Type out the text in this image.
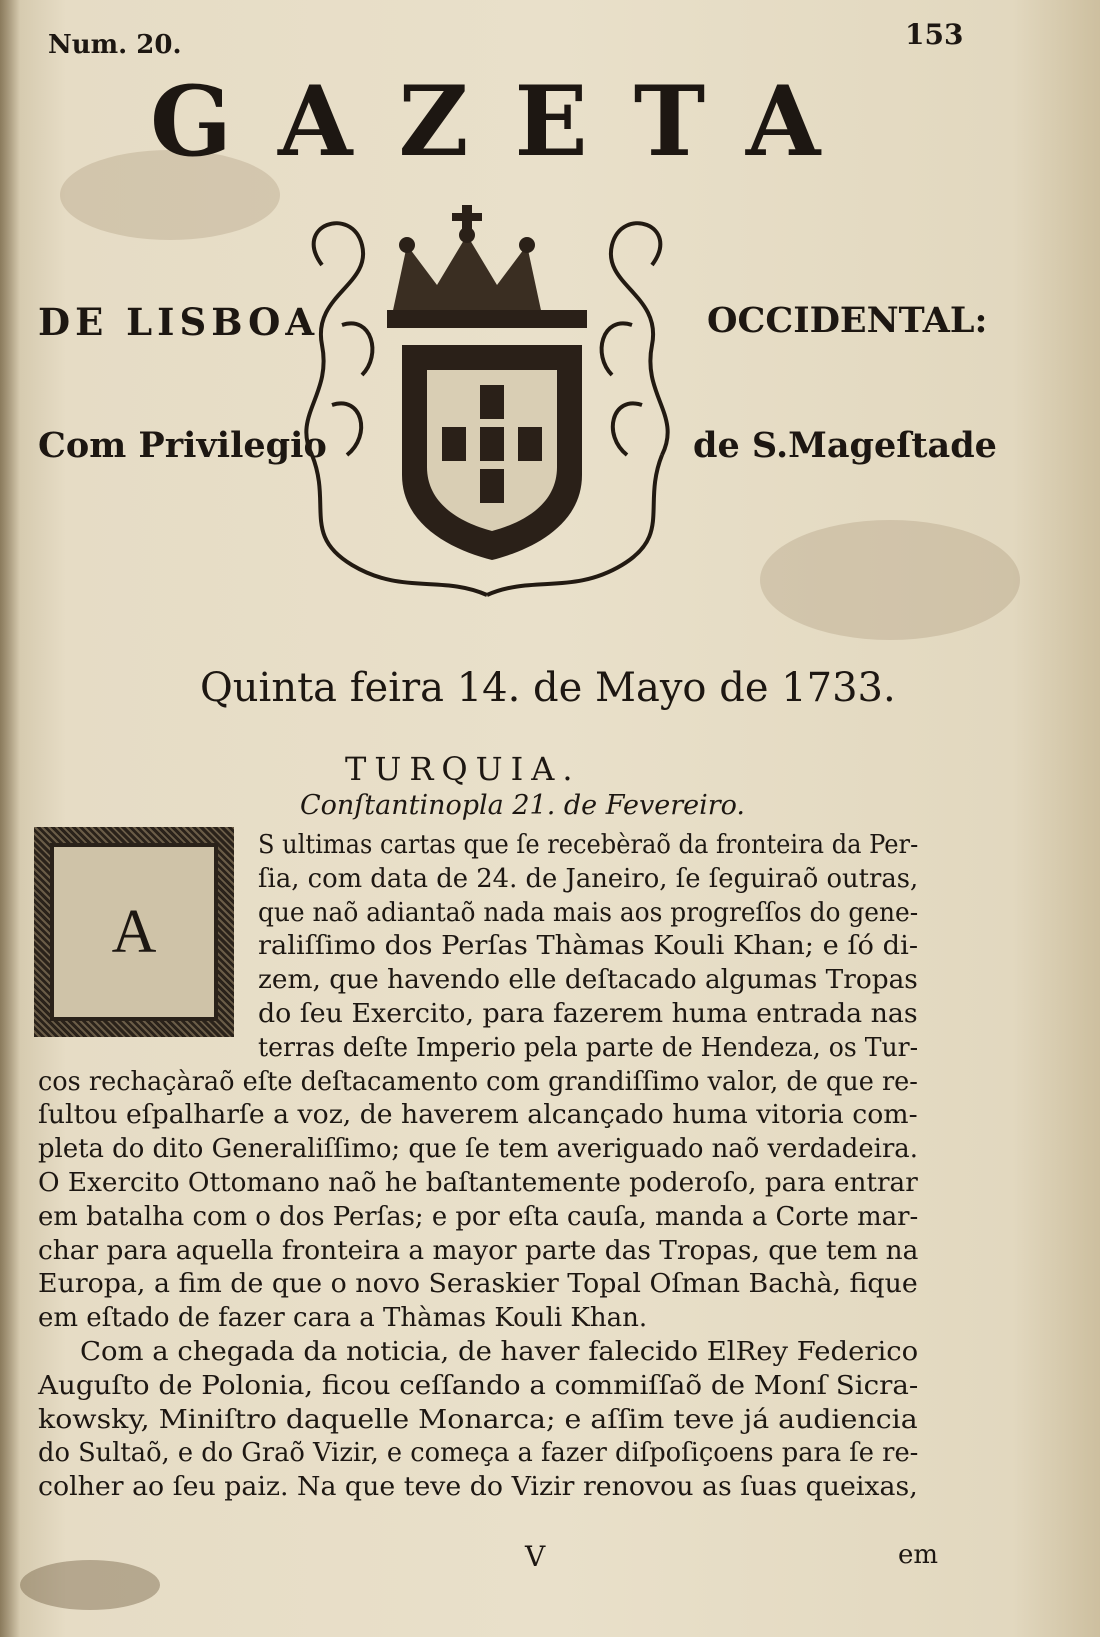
Num. 20.	153
GAZETA
DE LISBOA	OCCIDENTAL:
Com Privilegio	de S.Mageſtade
Quinta feira 14. de Mayo de 1733.
TURQUIA.
Conſtantinopla 21. de Fevereiro.
A
S ultimas cartas que ſe recebèraõ da fronteira da Per-
ſia, com data de 24. de Janeiro, ſe ſeguiraõ outras,
que naõ adiantaõ nada mais aos progreſſos do gene-
raliſſimo dos Perſas Thàmas Kouli Khan; e ſó di-
zem, que havendo elle deſtacado algumas Tropas
do ſeu Exercito, para fazerem huma entrada nas
terras deſte Imperio pela parte de Hendeza, os Tur-
cos rechaçàraõ eſte deſtacamento com grandiſſimo valor, de que re-
ſultou eſpalharſe a voz, de haverem alcançado huma vitoria com-
pleta do dito Generaliſſimo; que ſe tem averiguado naõ verdadeira.
O Exercito Ottomano naõ he baſtantemente poderoſo, para entrar
em batalha com o dos Perſas; e por eſta cauſa, manda a Corte mar-
char para aquella fronteira a mayor parte das Tropas, que tem na
Europa, a fim de que o novo Seraskier Topal Oſman Bachà, fique
em eſtado de fazer cara a Thàmas Kouli Khan.
Com a chegada da noticia, de haver falecido ElRey Federico
Auguſto de Polonia, ficou ceſſando a commiſſaõ de Monſ Sicra-
kowsky, Miniſtro daquelle Monarca; e aſſim teve já audiencia
do Sultaõ, e do Graõ Vizir, e começa a fazer diſpoſiçoens para ſe re-
colher ao ſeu paiz. Na que teve do Vizir renovou as ſuas queixas,
V	em
